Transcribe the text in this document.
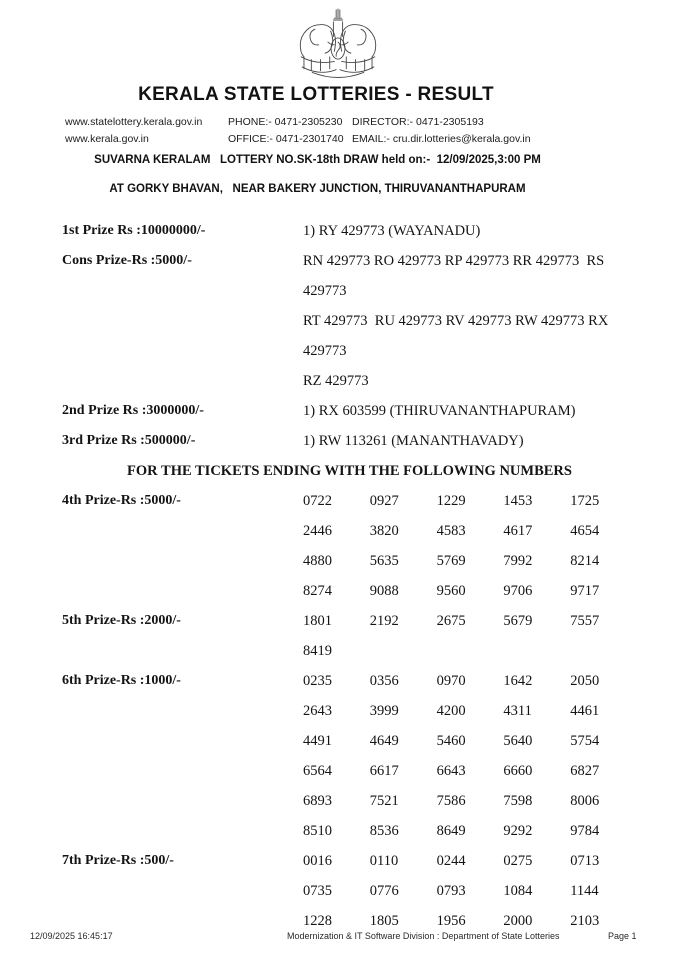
KERALA STATE LOTTERIES - RESULT
www.statelottery.kerala.gov.in	PHONE:- 0471-2305230 DIRECTOR:- 0471-2305193
www.kerala.gov.in	OFFICE:- 0471-2301740 EMAIL:- cru.dir.lotteries@kerala.gov.in
SUVARNA KERALAM   LOTTERY NO.SK-18th DRAW held on:-  12/09/2025,3:00 PM
AT GORKY BHAVAN,   NEAR BAKERY JUNCTION, THIRUVANANTHAPURAM
1st Prize Rs :10000000/-	1) RY 429773 (WAYANADU)
Cons Prize-Rs :5000/-	RN 429773 RO 429773 RP 429773 RR 429773  RS 429773
RT 429773  RU 429773 RV 429773 RW 429773 RX 429773
RZ 429773
2nd Prize Rs :3000000/-	1) RX 603599 (THIRUVANANTHAPURAM)
3rd Prize Rs :500000/-	1) RW 113261 (MANANTHAVADY)
FOR THE TICKETS ENDING WITH THE FOLLOWING NUMBERS
4th Prize-Rs :5000/-	0722	0927	1229	1453	1725
2446	3820	4583	4617	4654
4880	5635	5769	7992	8214
8274	9088	9560	9706	9717
5th Prize-Rs :2000/-	1801	2192	2675	5679	7557
8419
6th Prize-Rs :1000/-	0235	0356	0970	1642	2050
2643	3999	4200	4311	4461
4491	4649	5460	5640	5754
6564	6617	6643	6660	6827
6893	7521	7586	7598	8006
8510	8536	8649	9292	9784
7th Prize-Rs :500/-	0016	0110	0244	0275	0713
0735	0776	0793	1084	1144
1228	1805	1956	2000	2103
12/09/2025 16:45:17	Modernization & IT Software Division : Department of State Lotteries	Page 1
